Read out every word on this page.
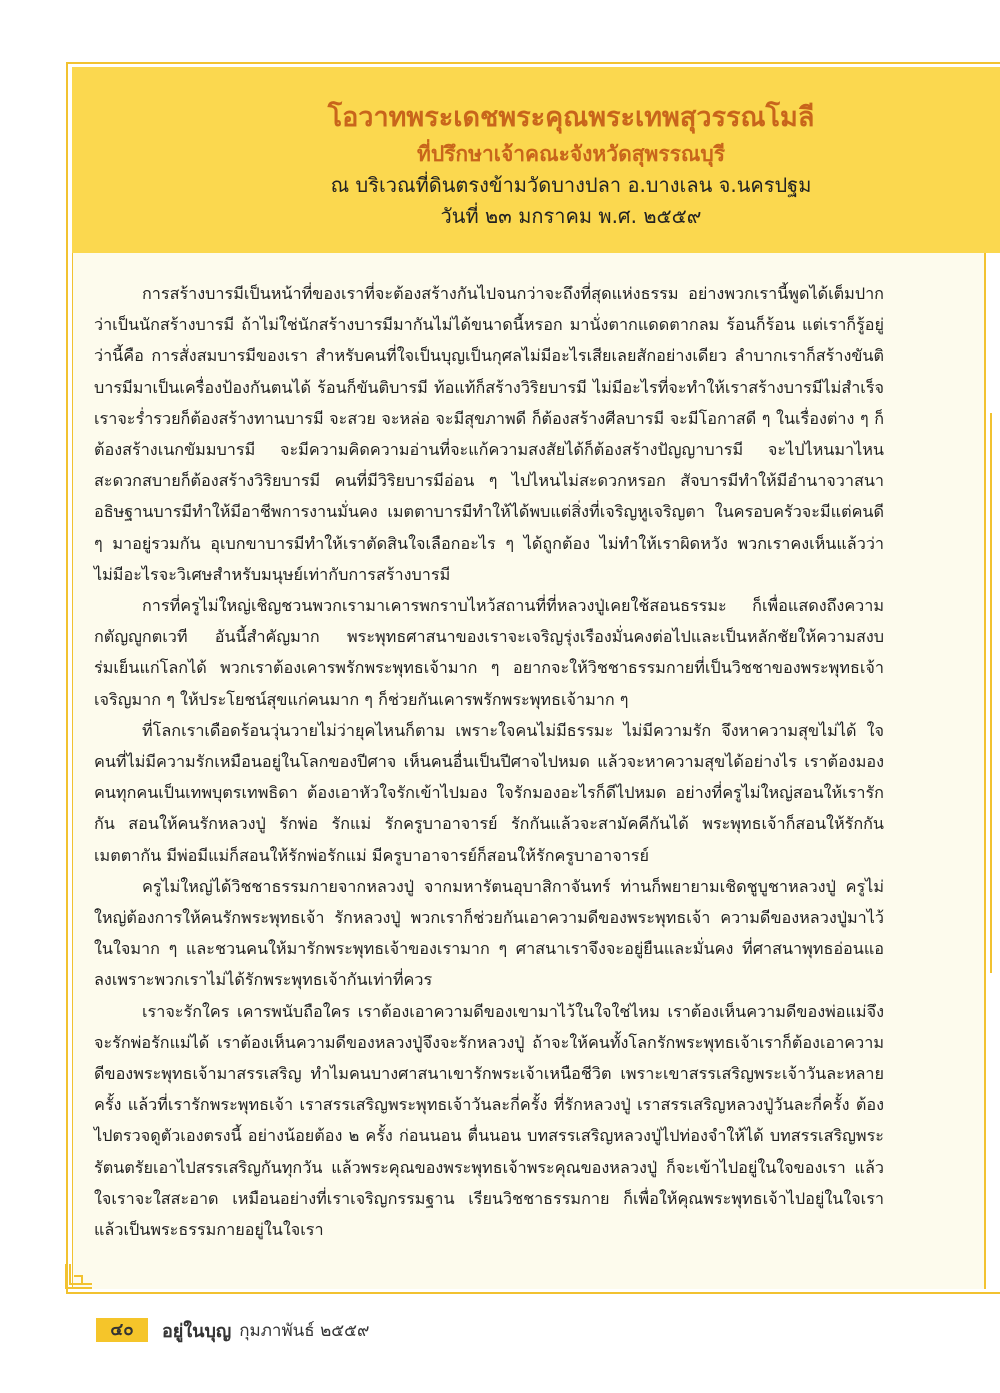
โอวาทพระเดชพระคุณพระเทพสุวรรณโมลี
ที่ปรึกษาเจ้าคณะจังหวัดสุพรรณบุรี
ณ บริเวณที่ดินตรงข้ามวัดบางปลา อ.บางเลน จ.นครปฐม
วันที่ ๒๓ มกราคม พ.ศ. ๒๕๕๙

การสร้างบารมีเป็นหน้าที่ของเราที่จะต้องสร้างกันไปจนกว่าจะถึงที่สุดแห่งธรรม อย่างพวกเรานี้พูดได้เต็มปากว่าเป็นนักสร้างบารมี ถ้าไม่ใช่นักสร้างบารมีมากันไม่ได้ขนาดนี้หรอก มานั่งตากแดดตากลม ร้อนก็ร้อน แต่เราก็รู้อยู่ว่านี้คือ การสั่งสมบารมีของเรา สำหรับคนที่ใจเป็นบุญเป็นกุศลไม่มีอะไรเสียเลยสักอย่างเดียว ลำบากเราก็สร้างขันติบารมีมาเป็นเครื่องป้องกันตนได้ ร้อนก็ขันติบารมี ท้อแท้ก็สร้างวิริยบารมี ไม่มีอะไรที่จะทำให้เราสร้างบารมีไม่สำเร็จ เราจะร่ำรวยก็ต้องสร้างทานบารมี จะสวย จะหล่อ จะมีสุขภาพดี ก็ต้องสร้างศีลบารมี จะมีโอกาสดี ๆ ในเรื่องต่าง ๆ ก็ต้องสร้างเนกขัมมบารมี จะมีความคิดความอ่านที่จะแก้ความสงสัยได้ก็ต้องสร้างปัญญาบารมี จะไปไหนมาไหนสะดวกสบายก็ต้องสร้างวิริยบารมี คนที่มีวิริยบารมีอ่อน ๆ ไปไหนไม่สะดวกหรอก สัจบารมีทำให้มีอำนาจวาสนา อธิษฐานบารมีทำให้มีอาชีพการงานมั่นคง เมตตาบารมีทำให้ได้พบแต่สิ่งที่เจริญหูเจริญตา ในครอบครัวจะมีแต่คนดี ๆ มาอยู่รวมกัน อุเบกขาบารมีทำให้เราตัดสินใจเลือกอะไร ๆ ได้ถูกต้อง ไม่ทำให้เราผิดหวัง พวกเราคงเห็นแล้วว่าไม่มีอะไรจะวิเศษสำหรับมนุษย์เท่ากับการสร้างบารมี

การที่ครูไม่ใหญ่เชิญชวนพวกเรามาเคารพกราบไหว้สถานที่ที่หลวงปู่เคยใช้สอนธรรมะ ก็เพื่อแสดงถึงความกตัญญูกตเวที อันนี้สำคัญมาก พระพุทธศาสนาของเราจะเจริญรุ่งเรืองมั่นคงต่อไปและเป็นหลักชัยให้ความสงบร่มเย็นแก่โลกได้ พวกเราต้องเคารพรักพระพุทธเจ้ามาก ๆ อยากจะให้วิชชาธรรมกายที่เป็นวิชชาของพระพุทธเจ้าเจริญมาก ๆ ให้ประโยชน์สุขแก่คนมาก ๆ ก็ช่วยกันเคารพรักพระพุทธเจ้ามาก ๆ

ที่โลกเราเดือดร้อนวุ่นวายไม่ว่ายุคไหนก็ตาม เพราะใจคนไม่มีธรรมะ ไม่มีความรัก จึงหาความสุขไม่ได้ ใจคนที่ไม่มีความรักเหมือนอยู่ในโลกของปีศาจ เห็นคนอื่นเป็นปีศาจไปหมด แล้วจะหาความสุขได้อย่างไร เราต้องมองคนทุกคนเป็นเทพบุตรเทพธิดา ต้องเอาหัวใจรักเข้าไปมอง ใจรักมองอะไรก็ดีไปหมด อย่างที่ครูไม่ใหญ่สอนให้เรารักกัน สอนให้คนรักหลวงปู่ รักพ่อ รักแม่ รักครูบาอาจารย์ รักกันแล้วจะสามัคคีกันได้ พระพุทธเจ้าก็สอนให้รักกัน เมตตากัน มีพ่อมีแม่ก็สอนให้รักพ่อรักแม่ มีครูบาอาจารย์ก็สอนให้รักครูบาอาจารย์

ครูไม่ใหญ่ได้วิชชาธรรมกายจากหลวงปู่ จากมหารัตนอุบาสิกาจันทร์ ท่านก็พยายามเชิดชูบูชาหลวงปู่ ครูไม่ใหญ่ต้องการให้คนรักพระพุทธเจ้า รักหลวงปู่ พวกเราก็ช่วยกันเอาความดีของพระพุทธเจ้า ความดีของหลวงปู่มาไว้ในใจมาก ๆ และชวนคนให้มารักพระพุทธเจ้าของเรามาก ๆ ศาสนาเราจึงจะอยู่ยืนและมั่นคง ที่ศาสนาพุทธอ่อนแอลงเพราะพวกเราไม่ได้รักพระพุทธเจ้ากันเท่าที่ควร

เราจะรักใคร เคารพนับถือใคร เราต้องเอาความดีของเขามาไว้ในใจใช่ไหม เราต้องเห็นความดีของพ่อแม่จึงจะรักพ่อรักแม่ได้ เราต้องเห็นความดีของหลวงปู่จึงจะรักหลวงปู่ ถ้าจะให้คนทั้งโลกรักพระพุทธเจ้าเราก็ต้องเอาความดีของพระพุทธเจ้ามาสรรเสริญ ทำไมคนบางศาสนาเขารักพระเจ้าเหนือชีวิต เพราะเขาสรรเสริญพระเจ้าวันละหลายครั้ง แล้วที่เรารักพระพุทธเจ้า เราสรรเสริญพระพุทธเจ้าวันละกี่ครั้ง ที่รักหลวงปู่ เราสรรเสริญหลวงปู่วันละกี่ครั้ง ต้องไปตรวจดูตัวเองตรงนี้ อย่างน้อยต้อง ๒ ครั้ง ก่อนนอน ตื่นนอน บทสรรเสริญหลวงปู่ไปท่องจำให้ได้ บทสรรเสริญพระรัตนตรัยเอาไปสรรเสริญกันทุกวัน แล้วพระคุณของพระพุทธเจ้าพระคุณของหลวงปู่ ก็จะเข้าไปอยู่ในใจของเรา แล้วใจเราจะใสสะอาด เหมือนอย่างที่เราเจริญกรรมฐาน เรียนวิชชาธรรมกาย ก็เพื่อให้คุณพระพุทธเจ้าไปอยู่ในใจเรา แล้วเป็นพระธรรมกายอยู่ในใจเรา

๔๐	อยู่ในบุญ กุมภาพันธ์ ๒๕๕๙
